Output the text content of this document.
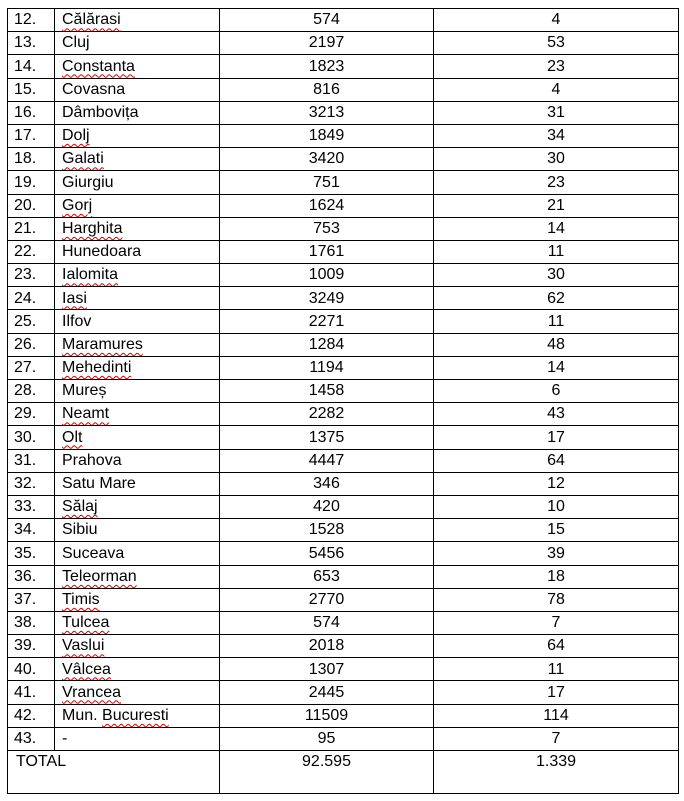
12.	Călărasi	574	4
13.	Cluj	2197	53
14.	Constanta	1823	23
15.	Covasna	816	4
16.	Dâmbovița	3213	31
17.	Dolj	1849	34
18.	Galati	3420	30
19.	Giurgiu	751	23
20.	Gorj	1624	21
21.	Harghita	753	14
22.	Hunedoara	1761	11
23.	Ialomita	1009	30
24.	Iasi	3249	62
25.	Ilfov	2271	11
26.	Maramures	1284	48
27.	Mehedinti	1194	14
28.	Mureș	1458	6
29.	Neamt	2282	43
30.	Olt	1375	17
31.	Prahova	4447	64
32.	Satu Mare	346	12
33.	Sălaj	420	10
34.	Sibiu	1528	15
35.	Suceava	5456	39
36.	Teleorman	653	18
37.	Timis	2770	78
38.	Tulcea	574	7
39.	Vaslui	2018	64
40.	Vâlcea	1307	11
41.	Vrancea	2445	17
42.	Mun. Bucuresti	11509	114
43.	-	95	7
TOTAL		92.595	1.339
